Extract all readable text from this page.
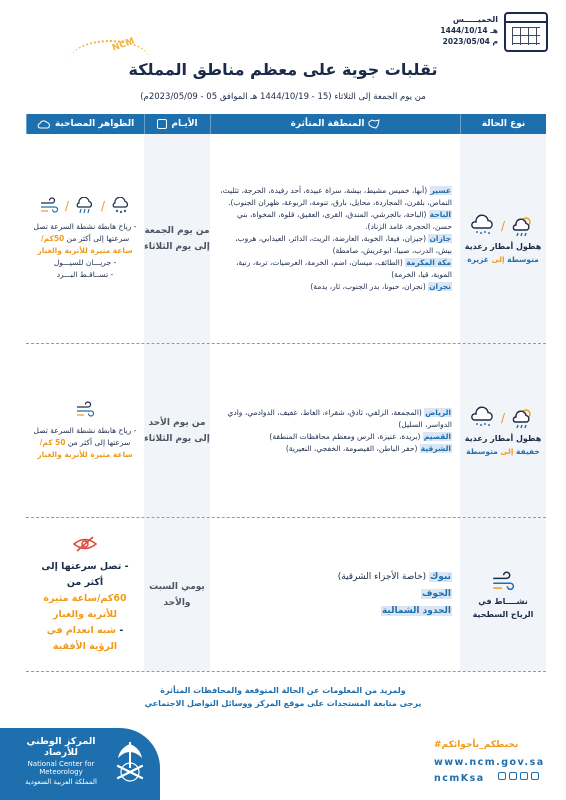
الخميـــــس
1444/10/14 هـ
2023/05/04 م
NCM
تقلبات جوية على معظم مناطق المملكة
من يوم الجمعة إلى الثلاثاء (15 - 1444/10/19 هـ الموافق 05 - 2023/05/09م)
نوع الحالة
المنطقة المتأثرة
الأيـام
الظواهر المصاحبة
/
هطول أمطار رعدية
متوسطة إلى غزيرة
عسير (أبها، خميس مشيط، بيشة، سراة عبيدة، أحد رفيدة، الحرجة، تثليث، النماص، بلقرن، المجاردة، محايل، بارق، تنومة، الربوعة، ظهران الجنوب).
الباحة (الباحة، بالجرشي، المندق، القرى، العقيق، قلوة، المخواة، بني حسن، الحجرة، غامد الزناد).
جازان (جيزان، فيفا، الخوبة، العارضة، الريث، الدائر، العيدابي، هروب، بيش، الدرب، صبيا، ابوعريش، صامطة)
مكة المكرمة (الطائف، ميسان، اضم، الخرمة، العرضيات، تربة، رنية، الموية، قيا، الخرمة)
نجران (نجران، حبونا، بدر الجنوب، ثار، يدمة)
من يوم الجمعة إلى يوم الثلاثاء
/
/
- رياح هابطة نشطة السرعة تصل سرعتها إلى أكثر من 50كم/ساعة مثيرة للأتربة والغبار
- جريـــان للسيـــول
- تســاقـط البـــرد
/
هطول أمطار رعدية
خفيفة إلى متوسطة
الرياض (المجمعة، الزلفي، ثادق، شقراء، الغاط، عفيف، الدوادمي، وادي الدواسر، السليل)
القصيم (بريدة، عنيزة، الرس ومعظم محافظات المنطقة)
الشرقية (حفر الباطن، القيصومة، الخفجي، النعيرية)
من يوم الأحد إلى يوم الثلاثاء
- رياح هابطة نشطة السرعة تصل سرعتها إلى أكثر من 50 كم/ساعة مثيرة للأتربة والغبار
نشــــاط في
الرياح السطحية
تبوك (خاصة الأجزاء الشرقية)
الجوف
الحدود الشمالية
يومي السبت والأحد
- تصل سرعتها إلى أكثر من
60كم/ساعة مثيرة
للأتربة والغبار
- شبه انعدام في الرؤية الأفقية
ولمزيد من المعلومات عن الحالة المتوقعة والمحافظات المتأثرة
يرجى متابعة المستجدات على موقع المركز ووسائل التواصل الاجتماعي
#نحيطكم_بأجوائكم
www.ncm.gov.sa
ncmKsa
المركز الوطني للأرصاد
National Center for Meteorology
المملكة العربية السعودية
